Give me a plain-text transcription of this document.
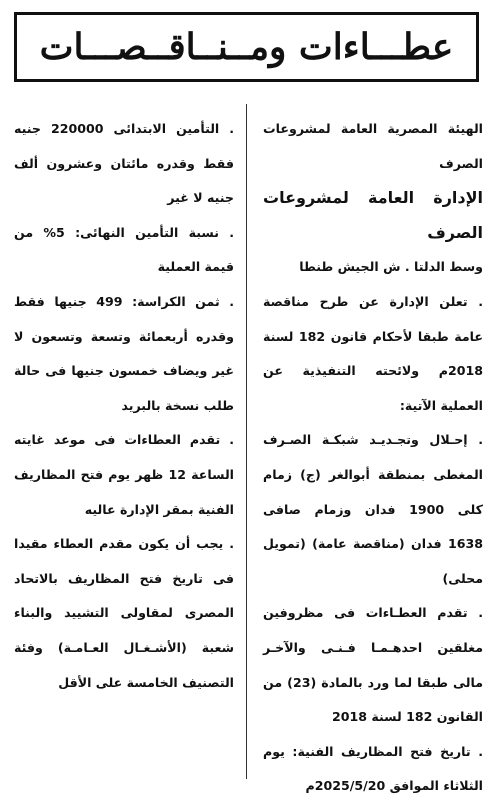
عطـــاءات ومــنــاقــصـــات

الهيئة المصرية العامة لمشروعات الصرف

الإدارة العامة لمشروعات الصرف

وسط الدلتا . ش الجيش طنطا

. تعلن الإدارة عن طرح مناقصة عامة طبقا لأحكام قانون 182 لسنة 2018م ولائحته التنفيذية عن العملية الآتية:

. إحـلال وتجـديـد شبكـة الصـرف المغطى بمنطقة أبوالغر (ج) زمام كلى 1900 فدان وزمام صافى 1638 فدان (مناقصة عامة) (تمويل محلى)

. تقدم العطـاءات فى مظروفين مغلقين احدهـمـا فـنـى والآخـر مالى طبقا لما ورد بالمادة (23) من القانون 182 لسنة 2018

. تاريخ فتح المظاريف الفنية: يوم الثلاثاء الموافق 2025/5/20م

. التأمين الابتدائى 220000 جنيه فقط وقدره مائتان وعشرون ألف جنيه لا غير

. نسبة التأمين النهائى: 5% من قيمة العملية

. ثمن الكراسة: 499 جنيها فقط وقدره أربعمائة وتسعة وتسعون لا غير ويضاف خمسون جنيها فى حالة طلب نسخة بالبريد

. تقدم العطاءات فى موعد غايته الساعة 12 ظهر يوم فتح المظاريف الفنية بمقر الإدارة عاليه

. يجب أن يكون مقدم العطاء مقيدا فى تاريخ فتح المظاريف بالاتحاد المصرى لمقاولى التشييد والبناء شعبة (الأشـغـال العـامـة) وفئة التصنيف الخامسة على الأقل
